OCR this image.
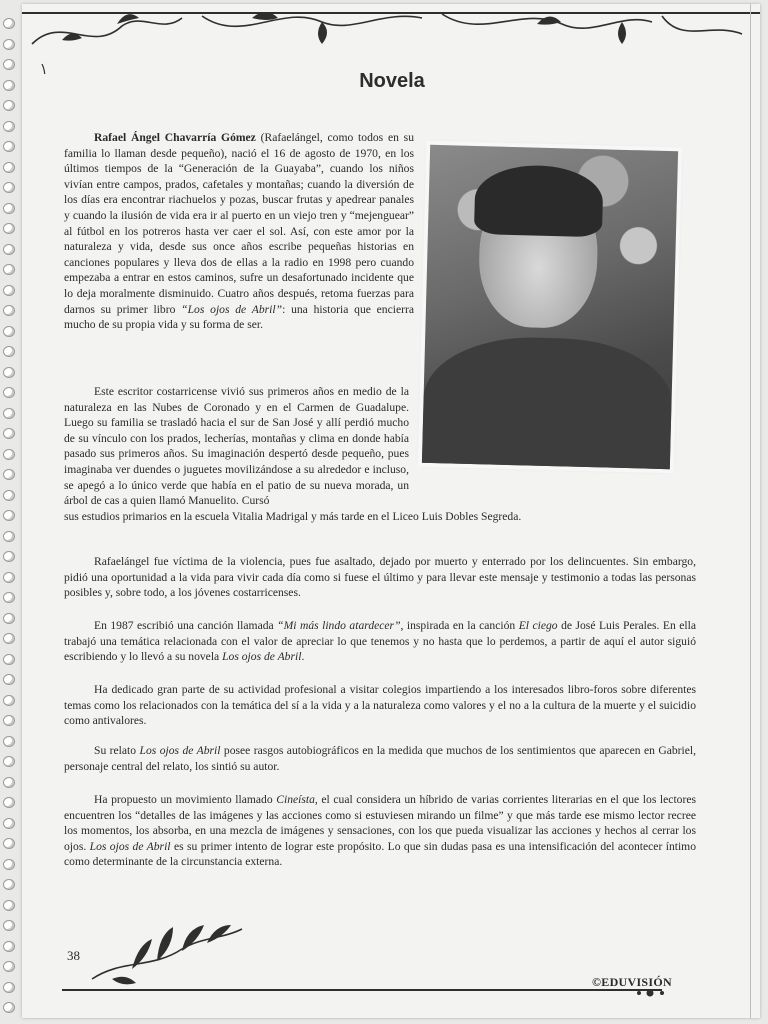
Novela
Rafael Ángel Chavarría Gómez (Rafaelángel, como todos en su familia lo llaman desde pequeño), nació el 16 de agosto de 1970, en los últimos tiempos de la “Generación de la Guayaba”, cuando los niños vivían entre campos, prados, cafetales y montañas; cuando la diversión de los días era encontrar riachuelos y pozas, buscar frutas y apedrear panales y cuando la ilusión de vida era ir al puerto en un viejo tren y “mejenguear” al fútbol en los potreros hasta ver caer el sol. Así, con este amor por la naturaleza y vida, desde sus once años escribe pequeñas historias en canciones populares y lleva dos de ellas a la radio en 1998 pero cuando empezaba a entrar en estos caminos, sufre un desafortunado incidente que lo deja moralmente disminuido. Cuatro años después, retoma fuerzas para darnos su primer libro “Los ojos de Abril”: una historia que encierra mucho de su propia vida y su forma de ser.
Este escritor costarricense vivió sus primeros años en medio de la naturaleza en las Nubes de Coronado y en el Carmen de Guadalupe. Luego su familia se trasladó hacia el sur de San José y allí perdió mucho de su vínculo con los prados, lecherías, montañas y clima en donde había pasado sus primeros años. Su imaginación despertó desde pequeño, pues imaginaba ver duendes o juguetes movilizándose a su alrededor e incluso, se apegó a lo único verde que había en el patio de su nueva morada, un árbol de cas a quien llamó Manuelito. Cursó
sus estudios primarios en la escuela Vitalia Madrigal y más tarde en el Liceo Luis Dobles Segreda.
Rafaelángel fue víctima de la violencia, pues fue asaltado, dejado por muerto y enterrado por los delincuentes. Sin embargo, pidió una oportunidad a la vida para vivir cada día como si fuese el último y para llevar este mensaje y testimonio a todas las personas posibles y, sobre todo, a los jóvenes costarricenses.
En 1987 escribió una canción llamada “Mi más lindo atardecer”, inspirada en la canción El ciego de José Luis Perales. En ella trabajó una temática relacionada con el valor de apreciar lo que tenemos y no hasta que lo perdemos, a partir de aquí el autor siguió escribiendo y lo llevó a su novela Los ojos de Abril.
Ha dedicado gran parte de su actividad profesional a visitar colegios impartiendo a los interesados libro-foros sobre diferentes temas como los relacionados con la temática del sí a la vida y a la naturaleza como valores y el no a la cultura de la muerte y el suicidio como antivalores.
Su relato Los ojos de Abril posee rasgos autobiográficos en la medida que muchos de los sentimientos que aparecen en Gabriel, personaje central del relato, los sintió su autor.
Ha propuesto un movimiento llamado Cineísta, el cual considera un híbrido de varias corrientes literarias en el que los lectores encuentren los “detalles de las imágenes y las acciones como si estuviesen mirando un filme” y que más tarde ese mismo lector recree los momentos, los absorba, en una mezcla de imágenes y sensaciones, con los que pueda visualizar las acciones y hechos al cerrar los ojos. Los ojos de Abril es su primer intento de lograr este propósito. Lo que sin dudas pasa es una intensificación del acontecer íntimo como determinante de la circunstancia externa.
38
©EDUVISIÓN
